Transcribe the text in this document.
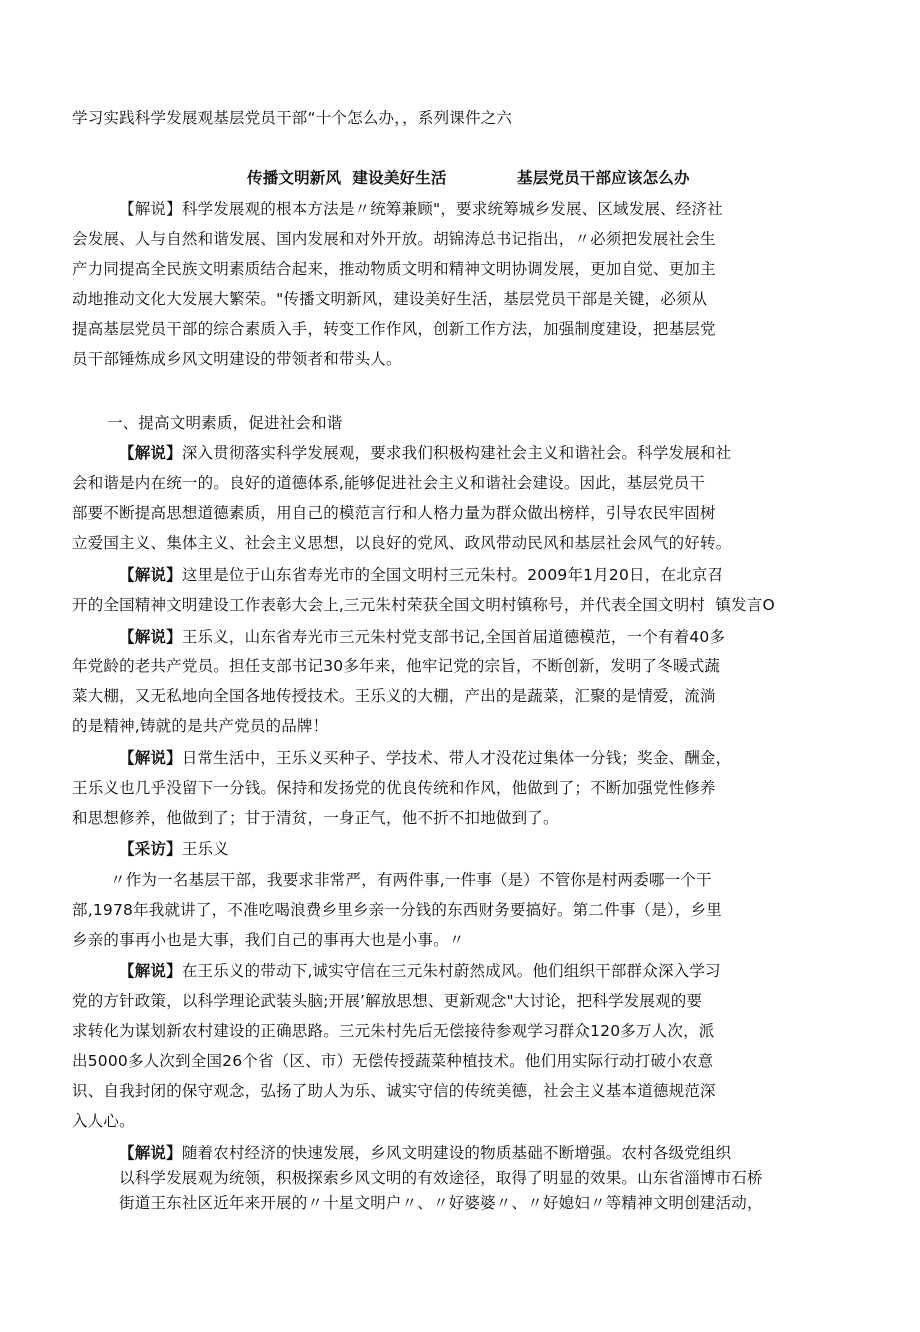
学习实践科学发展观基层党员干部“十个怎么办，，系列课件之六

传播文明新风  建设美好生活	基层党员干部应该怎么办

【解说】科学发展观的根本方法是〃统筹兼顾"，要求统筹城乡发展、区域发展、经济社

会发展、人与自然和谐发展、国内发展和对外开放。胡锦涛总书记指出，〃必须把发展社会生

产力同提高全民族文明素质结合起来，推动物质文明和精神文明协调发展，更加自觉、更加主

动地推动文化大发展大繁荣。"传播文明新风，建设美好生活，基层党员干部是关键，必须从

提高基层党员干部的综合素质入手，转变工作作风，创新工作方法，加强制度建设，把基层党

员干部锤炼成乡风文明建设的带领者和带头人。

一、提高文明素质，促进社会和谐

【解说】深入贯彻落实科学发展观，要求我们积极构建社会主义和谐社会。科学发展和社

会和谐是内在统一的。良好的道德体系,能够促进社会主义和谐社会建设。因此，基层党员干

部要不断提高思想道德素质，用自己的模范言行和人格力量为群众做出榜样，引导农民牢固树

立爱国主义、集体主义、社会主义思想，以良好的党风、政风带动民风和基层社会风气的好转。

【解说】这里是位于山东省寿光市的全国文明村三元朱村。2009年1月20日，在北京召

开的全国精神文明建设工作表彰大会上,三元朱村荣获全国文明村镇称号，并代表全国文明村  镇发言O

【解说】王乐义，山东省寿光市三元朱村党支部书记,全国首届道德模范，一个有着40多

年党龄的老共产党员。担任支部书记30多年来，他牢记党的宗旨，不断创新，发明了冬暖式蔬

菜大棚，又无私地向全国各地传授技术。王乐义的大棚，产出的是蔬菜，汇聚的是情爱，流淌

的是精神,铸就的是共产党员的品牌！

【解说】日常生活中，王乐义买种子、学技术、带人才没花过集体一分钱；奖金、酬金，

王乐义也几乎没留下一分钱。保持和发扬党的优良传统和作风，他做到了；不断加强党性修养

和思想修养，他做到了；甘于清贫，一身正气，他不折不扣地做到了。

【采访】王乐义

〃作为一名基层干部，我要求非常严，有两件事,一件事（是）不管你是村两委哪一个干

部,1978年我就讲了，不准吃喝浪费乡里乡亲一分钱的东西财务要搞好。第二件事（是），乡里

乡亲的事再小也是大事，我们自己的事再大也是小事。〃

【解说】在王乐义的带动下,诚实守信在三元朱村蔚然成风。他们组织干部群众深入学习

党的方针政策，以科学理论武装头脑;开展’解放思想、更新观念"大讨论，把科学发展观的要

求转化为谋划新农村建设的正确思路。三元朱村先后无偿接待参观学习群众120多万人次，派

出5000多人次到全国26个省（区、市）无偿传授蔬菜种植技术。他们用实际行动打破小农意

识、自我封闭的保守观念，弘扬了助人为乐、诚实守信的传统美德，社会主义基本道德规范深

入人心。

【解说】随着农村经济的快速发展，乡风文明建设的物质基础不断增强。农村各级党组织

以科学发展观为统领，积极探索乡风文明的有效途径，取得了明显的效果。山东省淄博市石桥

街道王东社区近年来开展的〃十星文明户〃、〃好婆婆〃、〃好媳妇〃等精神文明创建活动，
